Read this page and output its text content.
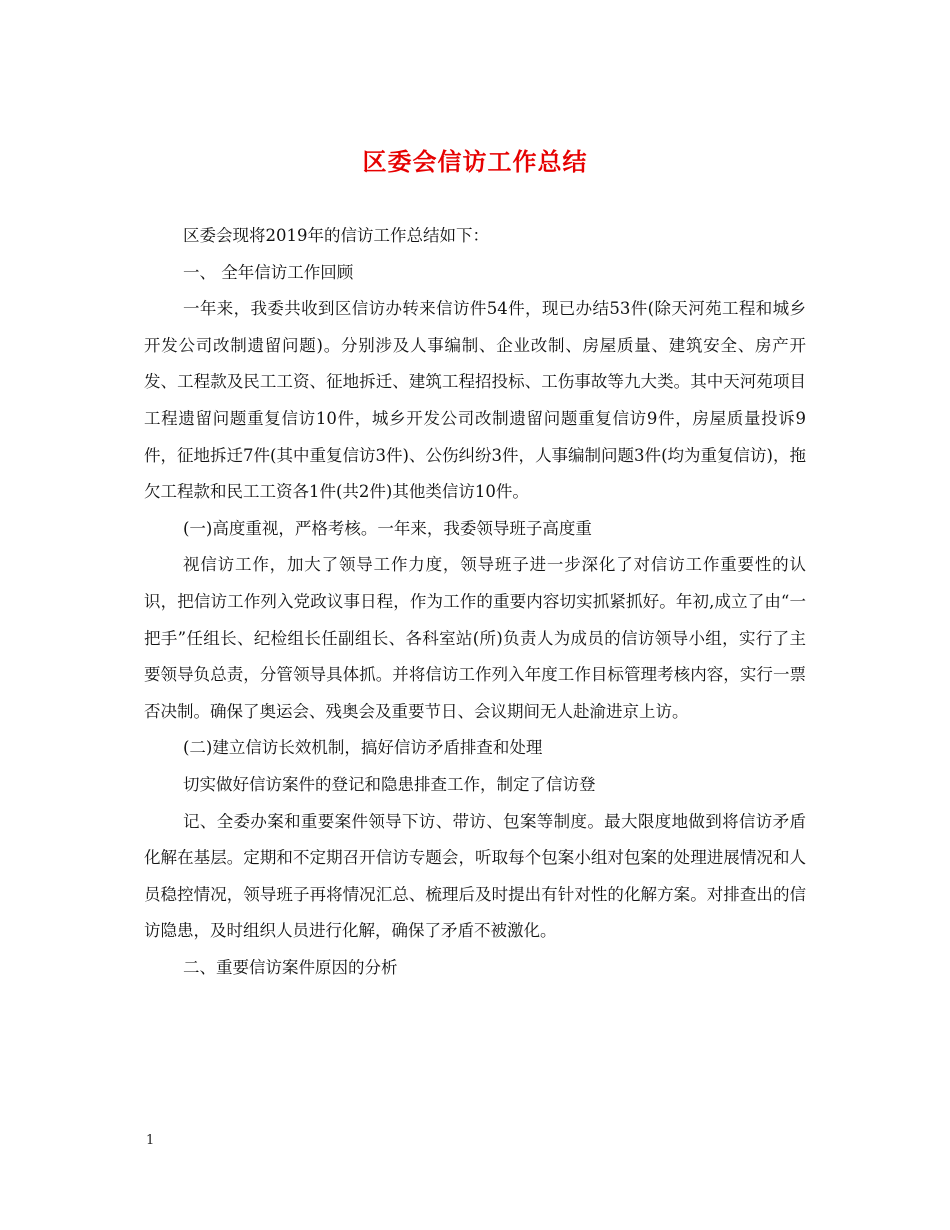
区委会信访工作总结

区委会现将2019年的信访工作总结如下：

一、 全年信访工作回顾

一年来，我委共收到区信访办转来信访件54件，现已办结53件(除天河苑工程和城乡开发公司改制遗留问题)。分别涉及人事编制、企业改制、房屋质量、建筑安全、房产开发、工程款及民工工资、征地拆迁、建筑工程招投标、工伤事故等九大类。其中天河苑项目工程遗留问题重复信访10件，城乡开发公司改制遗留问题重复信访9件，房屋质量投诉9件，征地拆迁7件(其中重复信访3件)、公伤纠纷3件，人事编制问题3件(均为重复信访)，拖欠工程款和民工工资各1件(共2件)其他类信访10件。

(一)高度重视，严格考核。一年来，我委领导班子高度重

视信访工作，加大了领导工作力度，领导班子进一步深化了对信访工作重要性的认识，把信访工作列入党政议事日程，作为工作的重要内容切实抓紧抓好。年初,成立了由“一把手”任组长、纪检组长任副组长、各科室站(所)负责人为成员的信访领导小组，实行了主要领导负总责，分管领导具体抓。并将信访工作列入年度工作目标管理考核内容，实行一票否决制。确保了奥运会、残奥会及重要节日、会议期间无人赴渝进京上访。

(二)建立信访长效机制，搞好信访矛盾排查和处理

切实做好信访案件的登记和隐患排查工作，制定了信访登

记、全委办案和重要案件领导下访、带访、包案等制度。最大限度地做到将信访矛盾化解在基层。定期和不定期召开信访专题会，听取每个包案小组对包案的处理进展情况和人员稳控情况，领导班子再将情况汇总、梳理后及时提出有针对性的化解方案。对排查出的信访隐患，及时组织人员进行化解，确保了矛盾不被激化。

二、重要信访案件原因的分析

1
